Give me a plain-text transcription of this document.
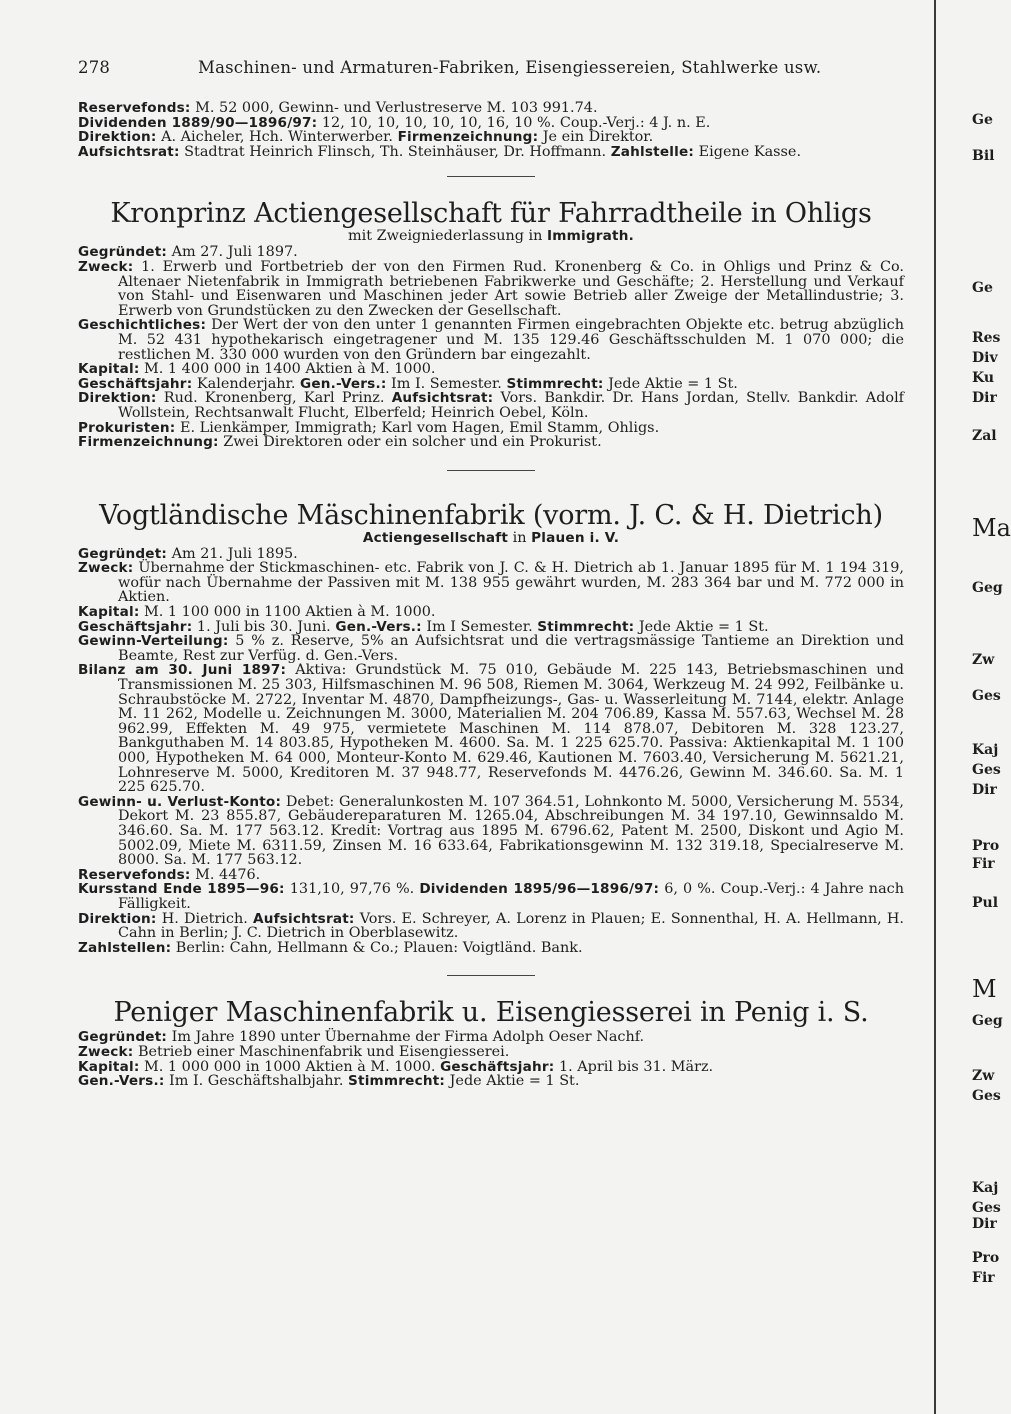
278	Maschinen- und Armaturen-Fabriken, Eisengiessereien, Stahlwerke usw.

Reservefonds: M. 52 000, Gewinn- und Verlustreserve M. 103 991.74.

Dividenden 1889/90—1896/97: 12, 10, 10, 10, 10, 10, 16, 10 %. Coup.-Verj.: 4 J. n. E.

Direktion: A. Aicheler, Hch. Winterwerber. Firmenzeichnung: Je ein Direktor.

Aufsichtsrat: Stadtrat Heinrich Flinsch, Th. Steinhäuser, Dr. Hoffmann. Zahlstelle: Eigene Kasse.

Kronprinz Actiengesellschaft für Fahrradtheile in Ohligs
mit Zweigniederlassung in Immigrath.

Gegründet: Am 27. Juli 1897.

Zweck: 1. Erwerb und Fortbetrieb der von den Firmen Rud. Kronenberg & Co. in Ohligs und Prinz & Co. Altenaer Nietenfabrik in Immigrath betriebenen Fabrikwerke und Geschäfte; 2. Herstellung und Verkauf von Stahl- und Eisenwaren und Maschinen jeder Art sowie Betrieb aller Zweige der Metallindustrie; 3. Erwerb von Grundstücken zu den Zwecken der Gesellschaft.

Geschichtliches: Der Wert der von den unter 1 genannten Firmen eingebrachten Objekte etc. betrug abzüglich M. 52 431 hypothekarisch eingetragener und M. 135 129.46 Geschäftsschulden M. 1 070 000; die restlichen M. 330 000 wurden von den Gründern bar eingezahlt.

Kapital: M. 1 400 000 in 1400 Aktien à M. 1000.

Geschäftsjahr: Kalenderjahr. Gen.-Vers.: Im I. Semester. Stimmrecht: Jede Aktie = 1 St.

Direktion: Rud. Kronenberg, Karl Prinz. Aufsichtsrat: Vors. Bankdir. Dr. Hans Jordan, Stellv. Bankdir. Adolf Wollstein, Rechtsanwalt Flucht, Elberfeld; Heinrich Oebel, Köln.

Prokuristen: E. Lienkämper, Immigrath; Karl vom Hagen, Emil Stamm, Ohligs.

Firmenzeichnung: Zwei Direktoren oder ein solcher und ein Prokurist.

Vogtländische Mäschinenfabrik (vorm. J. C. & H. Dietrich)
Actiengesellschaft in Plauen i. V.

Gegründet: Am 21. Juli 1895.

Zweck: Übernahme der Stickmaschinen- etc. Fabrik von J. C. & H. Dietrich ab 1. Januar 1895 für M. 1 194 319, wofür nach Übernahme der Passiven mit M. 138 955 gewährt wurden, M. 283 364 bar und M. 772 000 in Aktien.

Kapital: M. 1 100 000 in 1100 Aktien à M. 1000.

Geschäftsjahr: 1. Juli bis 30. Juni. Gen.-Vers.: Im I Semester. Stimmrecht: Jede Aktie = 1 St.

Gewinn-Verteilung: 5 % z. Reserve, 5% an Aufsichtsrat und die vertragsmässige Tantieme an Direktion und Beamte, Rest zur Verfüg. d. Gen.-Vers.

Bilanz am 30. Juni 1897: Aktiva: Grundstück M. 75 010, Gebäude M. 225 143, Betriebsmaschinen und Transmissionen M. 25 303, Hilfsmaschinen M. 96 508, Riemen M. 3064, Werkzeug M. 24 992, Feilbänke u. Schraubstöcke M. 2722, Inventar M. 4870, Dampfheizungs-, Gas- u. Wasserleitung M. 7144, elektr. Anlage M. 11 262, Modelle u. Zeichnungen M. 3000, Materialien M. 204 706.89, Kassa M. 557.63, Wechsel M. 28 962.99, Effekten M. 49 975, vermietete Maschinen M. 114 878.07, Debitoren M. 328 123.27, Bankguthaben M. 14 803.85, Hypotheken M. 4600. Sa. M. 1 225 625.70. Passiva: Aktienkapital M. 1 100 000, Hypotheken M. 64 000, Monteur-Konto M. 629.46, Kautionen M. 7603.40, Versicherung M. 5621.21, Lohnreserve M. 5000, Kreditoren M. 37 948.77, Reservefonds M. 4476.26, Gewinn M. 346.60. Sa. M. 1 225 625.70.

Gewinn- u. Verlust-Konto: Debet: Generalunkosten M. 107 364.51, Lohnkonto M. 5000, Versicherung M. 5534, Dekort M. 23 855.87, Gebäudereparaturen M. 1265.04, Abschreibungen M. 34 197.10, Gewinnsaldo M. 346.60. Sa. M. 177 563.12. Kredit: Vortrag aus 1895 M. 6796.62, Patent M. 2500, Diskont und Agio M. 5002.09, Miete M. 6311.59, Zinsen M. 16 633.64, Fabrikationsgewinn M. 132 319.18, Specialreserve M. 8000. Sa. M. 177 563.12.

Reservefonds: M. 4476.

Kursstand Ende 1895—96: 131,10, 97,76 %. Dividenden 1895/96—1896/97: 6, 0 %. Coup.-Verj.: 4 Jahre nach Fälligkeit.

Direktion: H. Dietrich. Aufsichtsrat: Vors. E. Schreyer, A. Lorenz in Plauen; E. Sonnenthal, H. A. Hellmann, H. Cahn in Berlin; J. C. Dietrich in Oberblasewitz.

Zahlstellen: Berlin: Cahn, Hellmann & Co.; Plauen: Voigtländ. Bank.

Peniger Maschinenfabrik u. Eisengiesserei in Penig i. S.

Gegründet: Im Jahre 1890 unter Übernahme der Firma Adolph Oeser Nachf.

Zweck: Betrieb einer Maschinenfabrik und Eisengiesserei.

Kapital: M. 1 000 000 in 1000 Aktien à M. 1000. Geschäftsjahr: 1. April bis 31. März.

Gen.-Vers.: Im I. Geschäftshalbjahr. Stimmrecht: Jede Aktie = 1 St.

Ge
Bil
Ge
Res
Div
Ku
Dir
Zal
Ma
Geg
Zw
Ges
Kaj
Ges
Dir
Pro
Fir
Pul
M
Geg
Zw
Ges
Kaj
Ges
Dir
Pro
Fir
